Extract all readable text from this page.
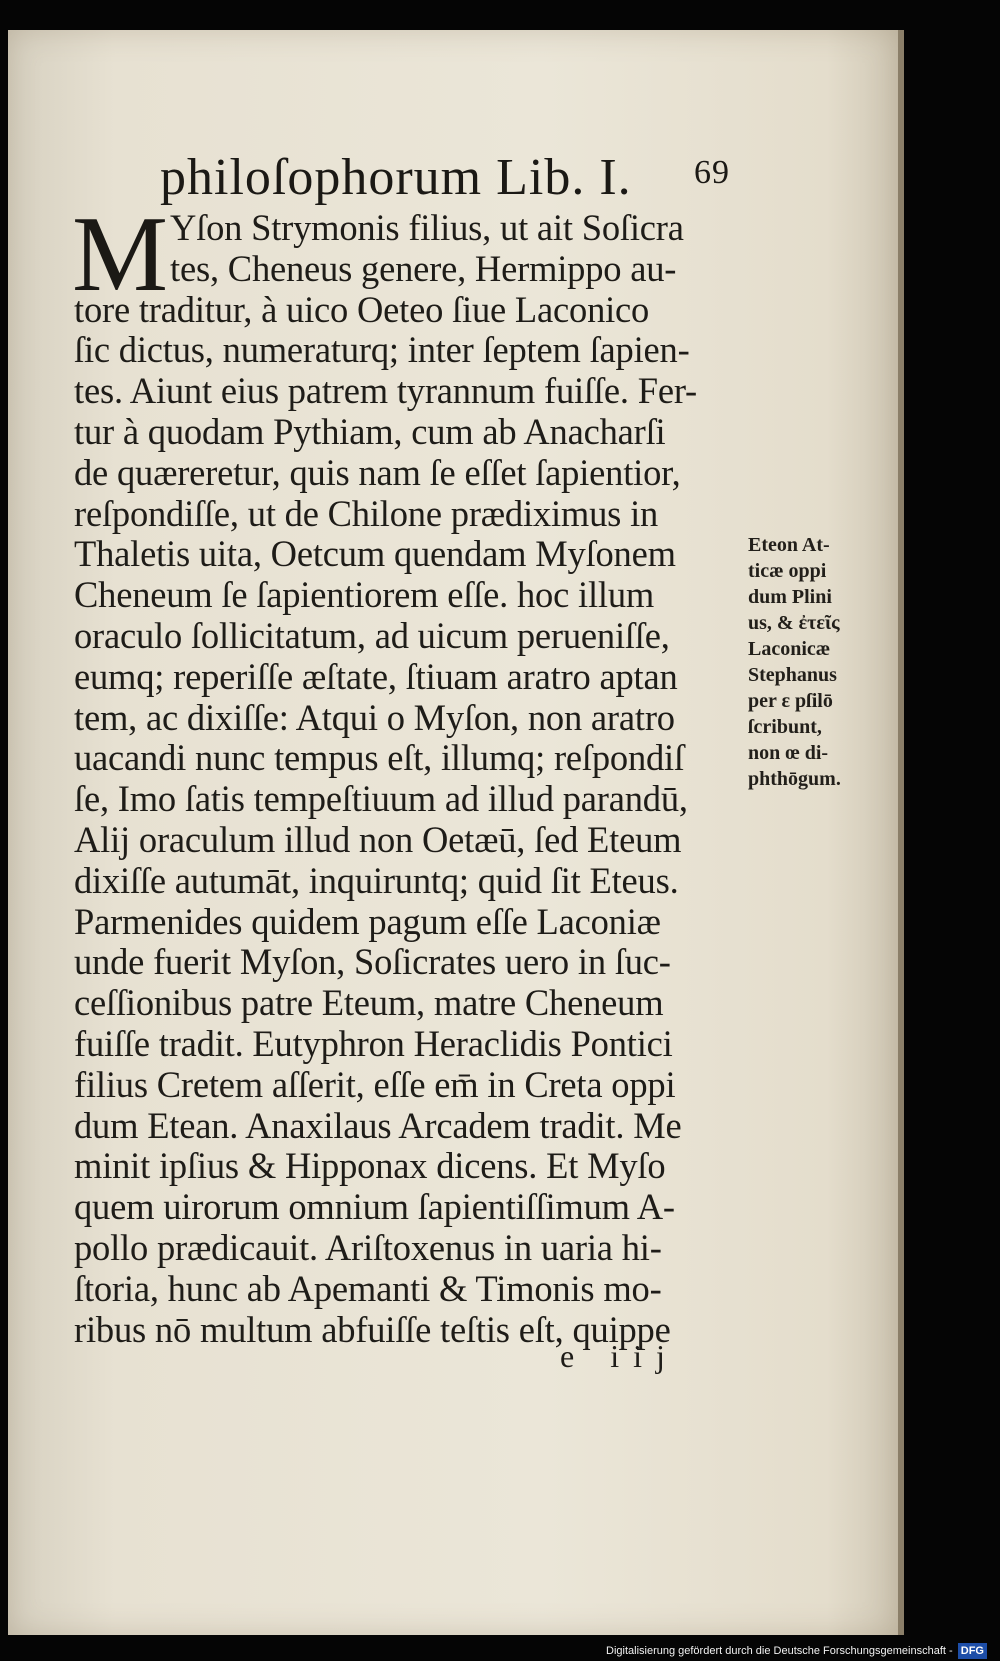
philoſophorum Lib. I. 69
M Yſon Strymonis filius, ut ait Soſicra
tes, Cheneus genere, Hermippo au-
tore traditur, à uico Oeteo ſiue Laconico
ſic dictus, numeraturq; inter ſeptem ſapien-
tes. Aiunt eius patrem tyrannum fuiſſe. Fer-
tur à quodam Pythiam, cum ab Anacharſi
de quæreretur, quis nam ſe eſſet ſapientior,
reſpondiſſe, ut de Chilone prædiximus in
Thaletis uita, Oetcum quendam Myſonem
Cheneum ſe ſapientiorem eſſe. hoc illum
oraculo ſollicitatum, ad uicum perueniſſe,
eumq; reperiſſe æſtate, ſtiuam aratro aptan
tem, ac dixiſſe: Atqui o Myſon, non aratro
uacandi nunc tempus eſt, illumq; reſpondiſ
ſe, Imo ſatis tempeſtiuum ad illud parandū,
Alij oraculum illud non Oetæū, ſed Eteum
dixiſſe autumāt, inquiruntq; quid ſit Eteus.
Parmenides quidem pagum eſſe Laconiæ
unde fuerit Myſon, Soſicrates uero in ſuc-
ceſſionibus patre Eteum, matre Cheneum
fuiſſe tradit. Eutyphron Heraclidis Pontici
filius Cretem aſſerit, eſſe em̄ in Creta oppi
dum Etean. Anaxilaus Arcadem tradit. Me
minit ipſius & Hipponax dicens. Et Myſo
quem uirorum omnium ſapientiſſimum A-
pollo prædicauit. Ariſtoxenus in uaria hi-
ſtoria, hunc ab Apemanti & Timonis mo-
ribus nō multum abfuiſſe teſtis eſt, quippe
e iij
Eteon At-
ticæ oppi
dum Plini
us, & ἐτεῖς
Laconicæ
Stephanus
per ε pſilō
ſcribunt,
non œ di-
phthōgum.
Digitalisierung gefördert durch die Deutsche Forschungsgemeinschaft - DFG
